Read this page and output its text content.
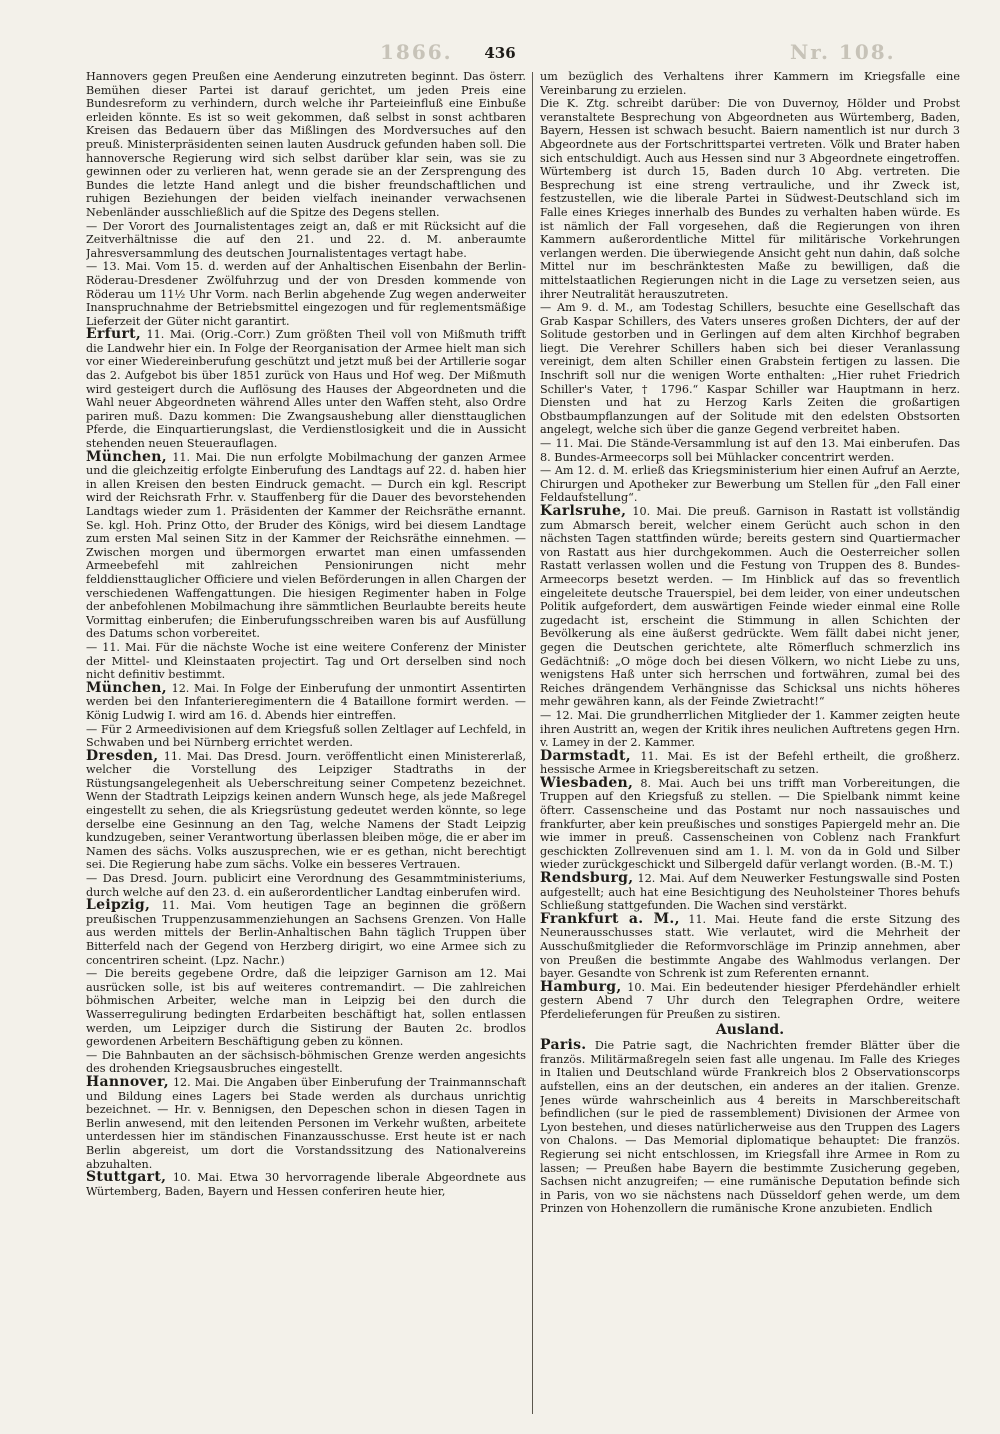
1866.	Nr. 108.
436

Hannovers gegen Preußen eine Aenderung einzutreten beginnt. Das österr. Bemühen dieser Partei ist darauf gerichtet, um jeden Preis eine Bundesreform zu verhindern, durch welche ihr Parteieinfluß eine Einbuße erleiden könnte. Es ist so weit gekommen, daß selbst in sonst achtbaren Kreisen das Bedauern über das Mißlingen des Mordversuches auf den preuß. Ministerpräsidenten seinen lauten Ausdruck gefunden haben soll. Die hannoversche Regierung wird sich selbst darüber klar sein, was sie zu gewinnen oder zu verlieren hat, wenn gerade sie an der Zersprengung des Bundes die letzte Hand anlegt und die bisher freundschaftlichen und ruhigen Beziehungen der beiden vielfach ineinander verwachsenen Nebenländer ausschließlich auf die Spitze des Degens stellen.

— Der Vorort des Journalistentages zeigt an, daß er mit Rücksicht auf die Zeitverhältnisse die auf den 21. und 22. d. M. anberaumte Jahresversammlung des deutschen Journalistentages vertagt habe.

— 13. Mai. Vom 15. d. werden auf der Anhaltischen Eisenbahn der Berlin-Röderau-Dresdener Zwölfuhrzug und der von Dresden kommende von Röderau um 11½ Uhr Vorm. nach Berlin abgehende Zug wegen anderweiter Inanspruchnahme der Betriebsmittel eingezogen und für reglementsmäßige Lieferzeit der Güter nicht garantirt.

Erfurt, 11. Mai. (Orig.-Corr.) Zum größten Theil voll von Mißmuth trifft die Landwehr hier ein. In Folge der Reorganisation der Armee hielt man sich vor einer Wiedereinberufung geschützt und jetzt muß bei der Artillerie sogar das 2. Aufgebot bis über 1851 zurück von Haus und Hof weg. Der Mißmuth wird gesteigert durch die Auflösung des Hauses der Abgeordneten und die Wahl neuer Abgeordneten während Alles unter den Waffen steht, also Ordre pariren muß. Dazu kommen: Die Zwangsaushebung aller diensttauglichen Pferde, die Einquartierungslast, die Verdienstlosigkeit und die in Aussicht stehenden neuen Steuerauflagen.

München, 11. Mai. Die nun erfolgte Mobilmachung der ganzen Armee und die gleichzeitig erfolgte Einberufung des Landtags auf 22. d. haben hier in allen Kreisen den besten Eindruck gemacht. — Durch ein kgl. Rescript wird der Reichsrath Frhr. v. Stauffenberg für die Dauer des bevorstehenden Landtags wieder zum 1. Präsidenten der Kammer der Reichsräthe ernannt. Se. kgl. Hoh. Prinz Otto, der Bruder des Königs, wird bei diesem Landtage zum ersten Mal seinen Sitz in der Kammer der Reichsräthe einnehmen. — Zwischen morgen und übermorgen erwartet man einen umfassenden Armeebefehl mit zahlreichen Pensionirungen nicht mehr felddiensttauglicher Officiere und vielen Beförderungen in allen Chargen der verschiedenen Waffengattungen. Die hiesigen Regimenter haben in Folge der anbefohlenen Mobilmachung ihre sämmtlichen Beurlaubte bereits heute Vormittag einberufen; die Einberufungsschreiben waren bis auf Ausfüllung des Datums schon vorbereitet.

— 11. Mai. Für die nächste Woche ist eine weitere Conferenz der Minister der Mittel- und Kleinstaaten projectirt. Tag und Ort derselben sind noch nicht definitiv bestimmt.

München, 12. Mai. In Folge der Einberufung der unmontirt Assentirten werden bei den Infanterieregimentern die 4 Bataillone formirt werden. — König Ludwig I. wird am 16. d. Abends hier eintreffen.

— Für 2 Armeedivisionen auf dem Kriegsfuß sollen Zeltlager auf Lechfeld, in Schwaben und bei Nürnberg errichtet werden.

Dresden, 11. Mai. Das Dresd. Journ. veröffentlicht einen Ministererlaß, welcher die Vorstellung des Leipziger Stadtraths in der Rüstungsangelegenheit als Ueberschreitung seiner Competenz bezeichnet. Wenn der Stadtrath Leipzigs keinen andern Wunsch hege, als jede Maßregel eingestellt zu sehen, die als Kriegsrüstung gedeutet werden könnte, so lege derselbe eine Gesinnung an den Tag, welche Namens der Stadt Leipzig kundzugeben, seiner Verantwortung überlassen bleiben möge, die er aber im Namen des sächs. Volks auszusprechen, wie er es gethan, nicht berechtigt sei. Die Regierung habe zum sächs. Volke ein besseres Vertrauen.

— Das Dresd. Journ. publicirt eine Verordnung des Gesammtministeriums, durch welche auf den 23. d. ein außerordentlicher Landtag einberufen wird.

Leipzig, 11. Mai. Vom heutigen Tage an beginnen die größern preußischen Truppenzusammenziehungen an Sachsens Grenzen. Von Halle aus werden mittels der Berlin-Anhaltischen Bahn täglich Truppen über Bitterfeld nach der Gegend von Herzberg dirigirt, wo eine Armee sich zu concentriren scheint. (Lpz. Nachr.)

— Die bereits gegebene Ordre, daß die leipziger Garnison am 12. Mai ausrücken solle, ist bis auf weiteres contremandirt. — Die zahlreichen böhmischen Arbeiter, welche man in Leipzig bei den durch die Wasserregulirung bedingten Erdarbeiten beschäftigt hat, sollen entlassen werden, um Leipziger durch die Sistirung der Bauten 2c. brodlos gewordenen Arbeitern Beschäftigung geben zu können.

— Die Bahnbauten an der sächsisch-böhmischen Grenze werden angesichts des drohenden Kriegsausbruches eingestellt.

Hannover, 12. Mai. Die Angaben über Einberufung der Trainmannschaft und Bildung eines Lagers bei Stade werden als durchaus unrichtig bezeichnet. — Hr. v. Bennigsen, den Depeschen schon in diesen Tagen in Berlin anwesend, mit den leitenden Personen im Verkehr wußten, arbeitete unterdessen hier im ständischen Finanzausschusse. Erst heute ist er nach Berlin abgereist, um dort die Vorstandssitzung des Nationalvereins abzuhalten.

Stuttgart, 10. Mai. Etwa 30 hervorragende liberale Abgeordnete aus Würtemberg, Baden, Bayern und Hessen conferiren heute hier,

um bezüglich des Verhaltens ihrer Kammern im Kriegsfalle eine Vereinbarung zu erzielen.

Die K. Ztg. schreibt darüber: Die von Duvernoy, Hölder und Probst veranstaltete Besprechung von Abgeordneten aus Würtemberg, Baden, Bayern, Hessen ist schwach besucht. Baiern namentlich ist nur durch 3 Abgeordnete aus der Fortschrittspartei vertreten. Völk und Brater haben sich entschuldigt. Auch aus Hessen sind nur 3 Abgeordnete eingetroffen. Würtemberg ist durch 15, Baden durch 10 Abg. vertreten. Die Besprechung ist eine streng vertrauliche, und ihr Zweck ist, festzustellen, wie die liberale Partei in Südwest-Deutschland sich im Falle eines Krieges innerhalb des Bundes zu verhalten haben würde. Es ist nämlich der Fall vorgesehen, daß die Regierungen von ihren Kammern außerordentliche Mittel für militärische Vorkehrungen verlangen werden. Die überwiegende Ansicht geht nun dahin, daß solche Mittel nur im beschränktesten Maße zu bewilligen, daß die mittelstaatlichen Regierungen nicht in die Lage zu versetzen seien, aus ihrer Neutralität herauszutreten.

— Am 9. d. M., am Todestag Schillers, besuchte eine Gesellschaft das Grab Kaspar Schillers, des Vaters unseres großen Dichters, der auf der Solitude gestorben und in Gerlingen auf dem alten Kirchhof begraben liegt. Die Verehrer Schillers haben sich bei dieser Veranlassung vereinigt, dem alten Schiller einen Grabstein fertigen zu lassen. Die Inschrift soll nur die wenigen Worte enthalten: „Hier ruhet Friedrich Schiller's Vater, † 1796.“ Kaspar Schiller war Hauptmann in herz. Diensten und hat zu Herzog Karls Zeiten die großartigen Obstbaumpflanzungen auf der Solitude mit den edelsten Obstsorten angelegt, welche sich über die ganze Gegend verbreitet haben.

— 11. Mai. Die Stände-Versammlung ist auf den 13. Mai einberufen. Das 8. Bundes-Armeecorps soll bei Mühlacker concentrirt werden.

— Am 12. d. M. erließ das Kriegsministerium hier einen Aufruf an Aerzte, Chirurgen und Apotheker zur Bewerbung um Stellen für „den Fall einer Feldaufstellung“.

Karlsruhe, 10. Mai. Die preuß. Garnison in Rastatt ist vollständig zum Abmarsch bereit, welcher einem Gerücht auch schon in den nächsten Tagen stattfinden würde; bereits gestern sind Quartiermacher von Rastatt aus hier durchgekommen. Auch die Oesterreicher sollen Rastatt verlassen wollen und die Festung von Truppen des 8. Bundes-Armeecorps besetzt werden. — Im Hinblick auf das so freventlich eingeleitete deutsche Trauerspiel, bei dem leider, von einer undeutschen Politik aufgefordert, dem auswärtigen Feinde wieder einmal eine Rolle zugedacht ist, erscheint die Stimmung in allen Schichten der Bevölkerung als eine äußerst gedrückte. Wem fällt dabei nicht jener, gegen die Deutschen gerichtete, alte Römerfluch schmerzlich ins Gedächtniß: „O möge doch bei diesen Völkern, wo nicht Liebe zu uns, wenigstens Haß unter sich herrschen und fortwähren, zumal bei des Reiches drängendem Verhängnisse das Schicksal uns nichts höheres mehr gewähren kann, als der Feinde Zwietracht!“

— 12. Mai. Die grundherrlichen Mitglieder der 1. Kammer zeigten heute ihren Austritt an, wegen der Kritik ihres neulichen Auftretens gegen Hrn. v. Lamey in der 2. Kammer.

Darmstadt, 11. Mai. Es ist der Befehl ertheilt, die großherz. hessische Armee in Kriegsbereitschaft zu setzen.

Wiesbaden, 8. Mai. Auch bei uns trifft man Vorbereitungen, die Truppen auf den Kriegsfuß zu stellen. — Die Spielbank nimmt keine öfterr. Cassenscheine und das Postamt nur noch nassauisches und frankfurter, aber kein preußisches und sonstiges Papiergeld mehr an. Die wie immer in preuß. Cassenscheinen von Coblenz nach Frankfurt geschickten Zollrevenuen sind am 1. l. M. von da in Gold und Silber wieder zurückgeschickt und Silbergeld dafür verlangt worden. (B.-M. T.)

Rendsburg, 12. Mai. Auf dem Neuwerker Festungswalle sind Posten aufgestellt; auch hat eine Besichtigung des Neuholsteiner Thores behufs Schließung stattgefunden. Die Wachen sind verstärkt.

Frankfurt a. M., 11. Mai. Heute fand die erste Sitzung des Neunerausschusses statt. Wie verlautet, wird die Mehrheit der Ausschußmitglieder die Reformvorschläge im Prinzip annehmen, aber von Preußen die bestimmte Angabe des Wahlmodus verlangen. Der bayer. Gesandte von Schrenk ist zum Referenten ernannt.

Hamburg, 10. Mai. Ein bedeutender hiesiger Pferdehändler erhielt gestern Abend 7 Uhr durch den Telegraphen Ordre, weitere Pferdelieferungen für Preußen zu sistiren.

Ausland.

Paris. Die Patrie sagt, die Nachrichten fremder Blätter über die französ. Militärmaßregeln seien fast alle ungenau. Im Falle des Krieges in Italien und Deutschland würde Frankreich blos 2 Observationscorps aufstellen, eins an der deutschen, ein anderes an der italien. Grenze. Jenes würde wahrscheinlich aus 4 bereits in Marschbereitschaft befindlichen (sur le pied de rassemblement) Divisionen der Armee von Lyon bestehen, und dieses natürlicherweise aus den Truppen des Lagers von Chalons. — Das Memorial diplomatique behauptet: Die französ. Regierung sei nicht entschlossen, im Kriegsfall ihre Armee in Rom zu lassen; — Preußen habe Bayern die bestimmte Zusicherung gegeben, Sachsen nicht anzugreifen; — eine rumänische Deputation befinde sich in Paris, von wo sie nächstens nach Düsseldorf gehen werde, um dem Prinzen von Hohenzollern die rumänische Krone anzubieten. Endlich
